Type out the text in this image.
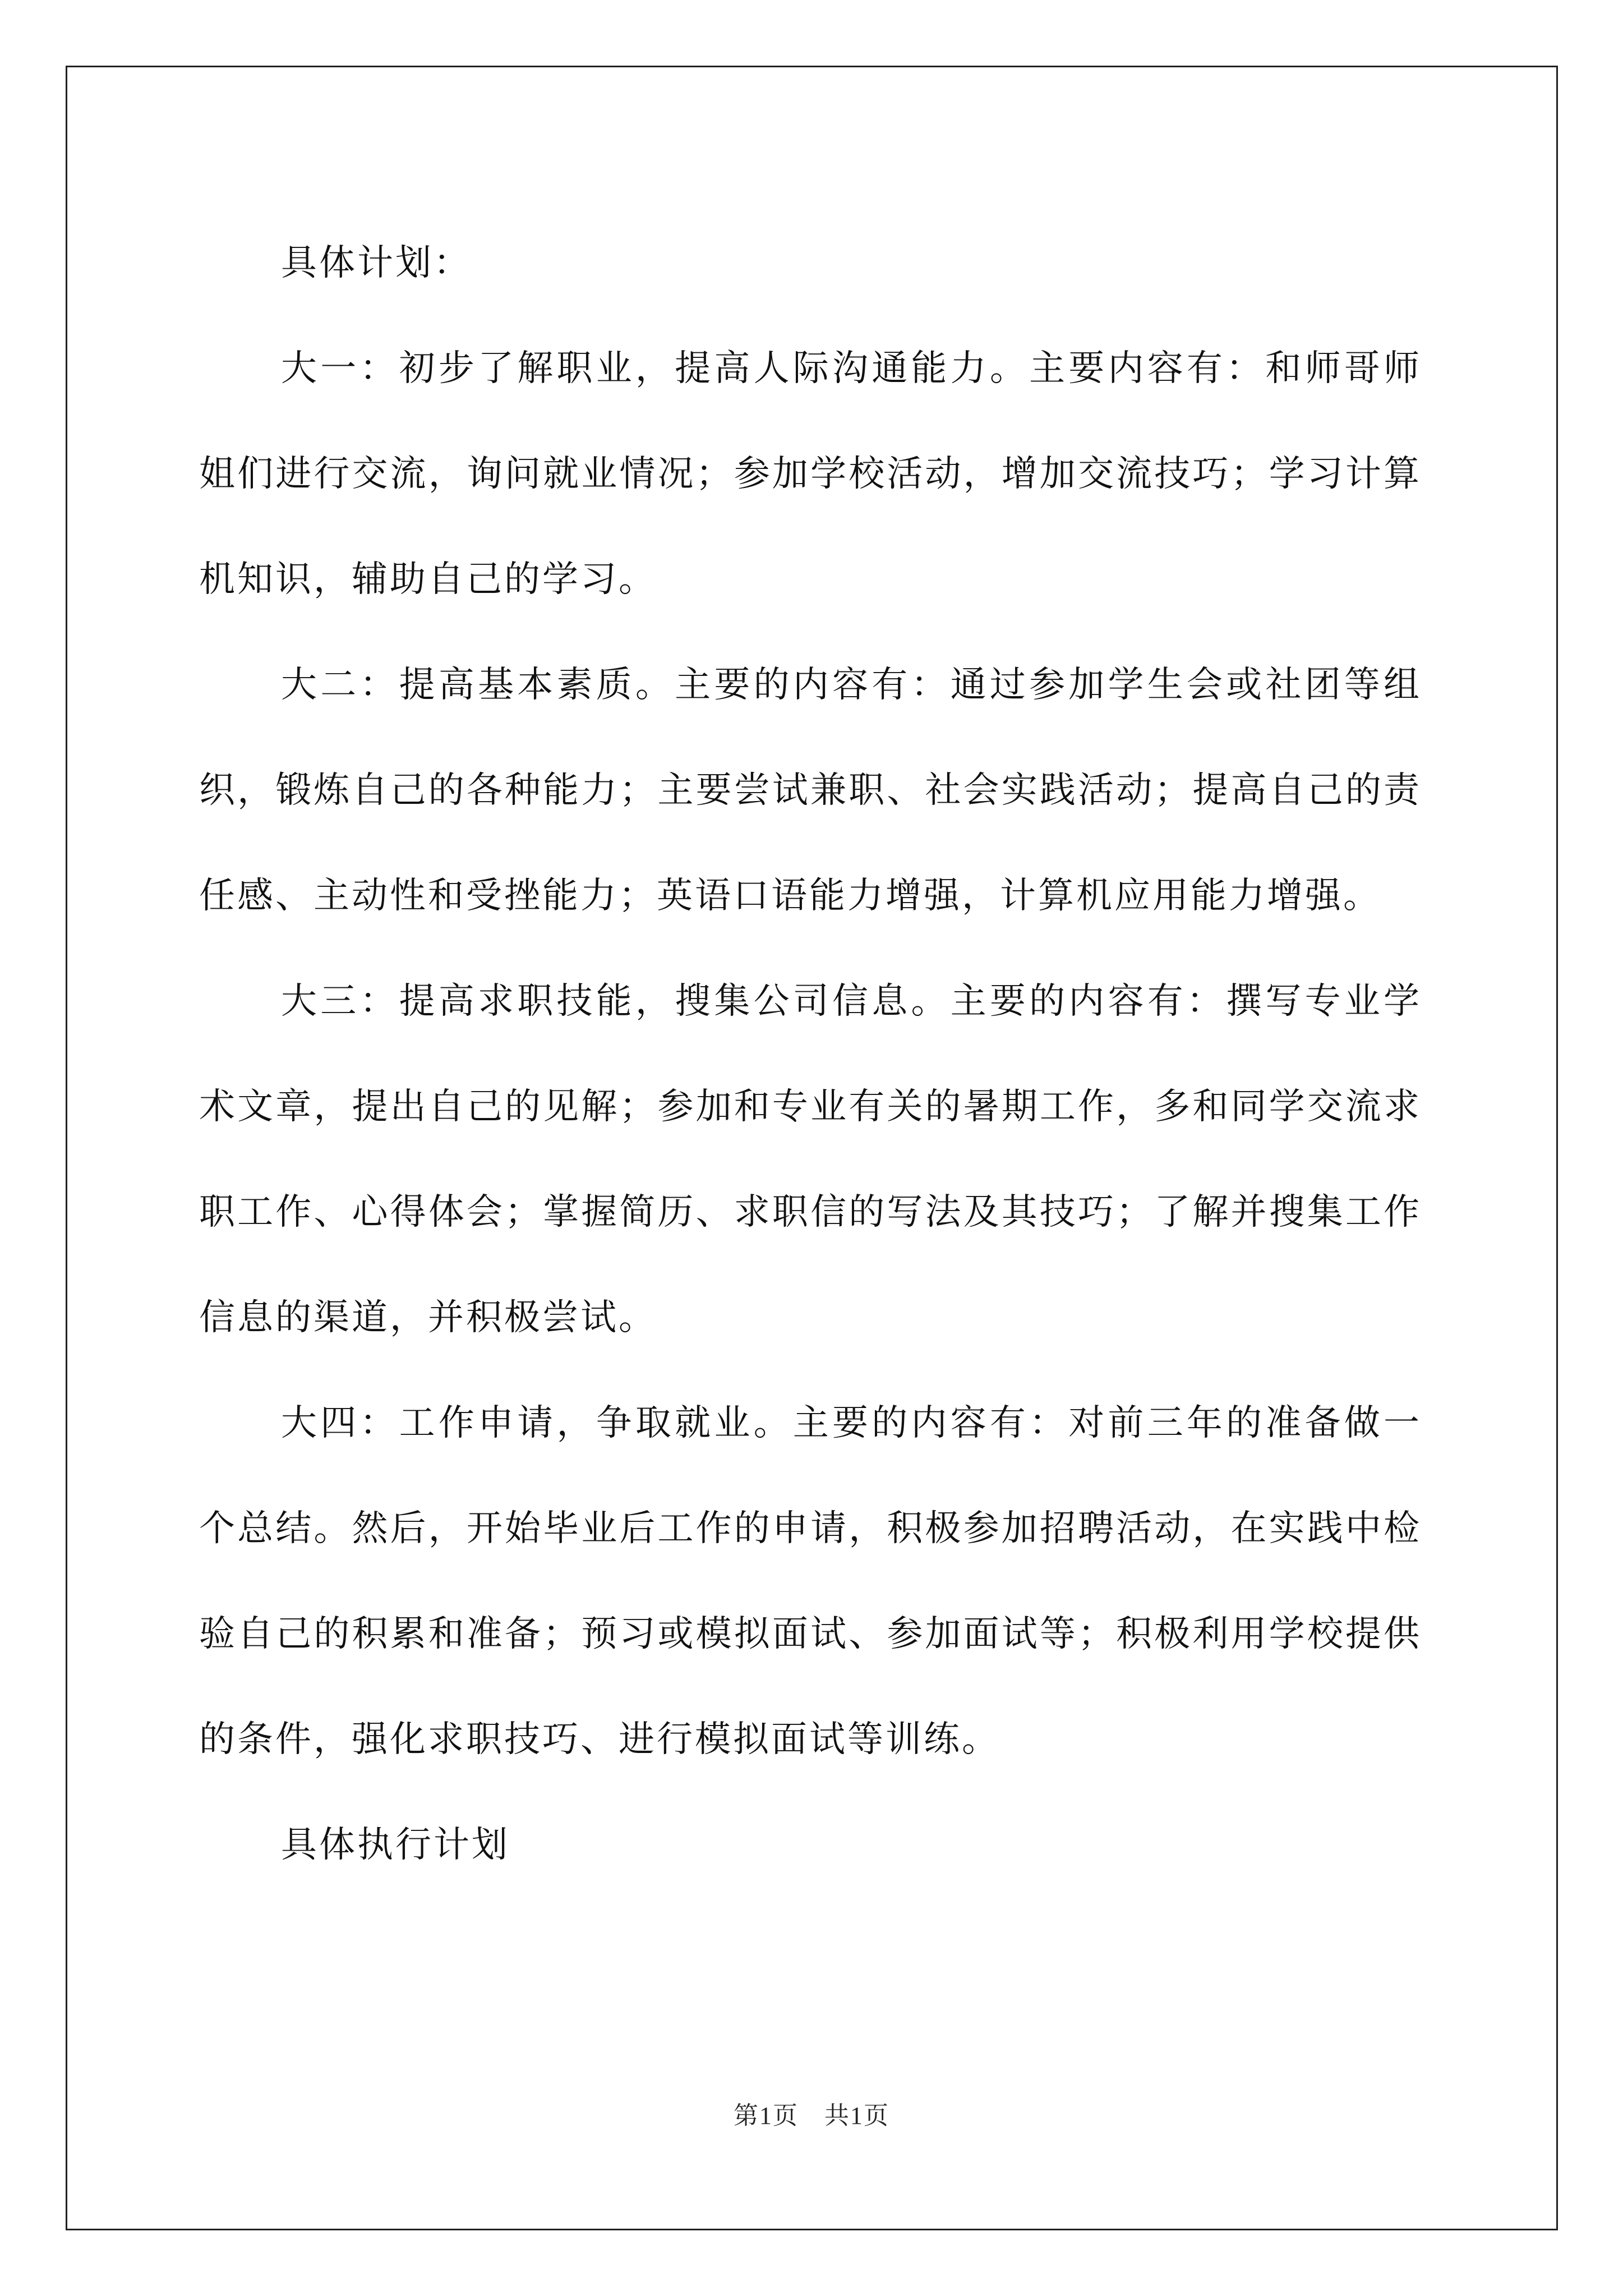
具体计划：

大一：初步了解职业，提高人际沟通能力。主要内容有：和师哥师姐们进行交流，询问就业情况；参加学校活动，增加交流技巧；学习计算机知识，辅助自己的学习。

大二：提高基本素质。主要的内容有：通过参加学生会或社团等组织，锻炼自己的各种能力；主要尝试兼职、社会实践活动；提高自己的责任感、主动性和受挫能力；英语口语能力增强，计算机应用能力增强。

大三：提高求职技能，搜集公司信息。主要的内容有：撰写专业学术文章，提出自己的见解；参加和专业有关的暑期工作，多和同学交流求职工作、心得体会；掌握简历、求职信的写法及其技巧；了解并搜集工作信息的渠道，并积极尝试。

大四：工作申请，争取就业。主要的内容有：对前三年的准备做一个总结。然后，开始毕业后工作的申请，积极参加招聘活动，在实践中检验自己的积累和准备；预习或模拟面试、参加面试等；积极利用学校提供的条件，强化求职技巧、进行模拟面试等训练。

具体执行计划

第1页　共1页
